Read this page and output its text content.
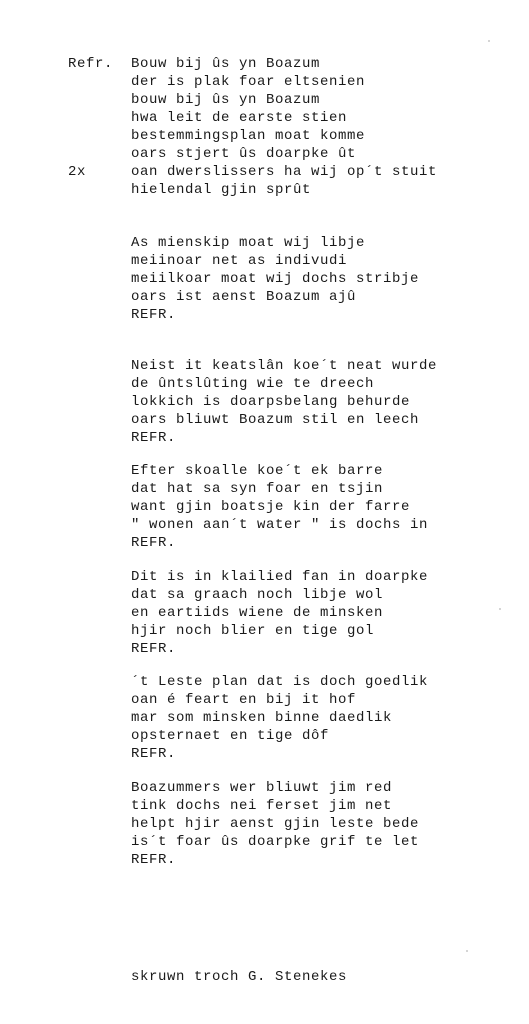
Refr.
2x
Bouw bij ûs yn Boazum
der is plak foar eltsenien
bouw bij ûs yn Boazum
hwa leit de earste stien
bestemmingsplan moat komme
oars stjert ûs doarpke ût
oan dwerslissers ha wij op´t stuit
hielendal gjin sprût
As mienskip moat wij libje
meiinoar net as indivudi
meiilkoar moat wij dochs stribje
oars ist aenst Boazum ajû
REFR.
Neist it keatslân koe´t neat wurde
de ûntslûting wie te dreech
lokkich is doarpsbelang behurde
oars bliuwt Boazum stil en leech
REFR.
Efter skoalle koe´t ek barre
dat hat sa syn foar en tsjin
want gjin boatsje kin der farre
" wonen aan´t water " is dochs in
REFR.
Dit is in klailied fan in doarpke
dat sa graach noch libje wol
en eartiids wiene de minsken
hjir noch blier en tige gol
REFR.
´t Leste plan dat is doch goedlik
oan é feart en bij it hof
mar som minsken binne daedlik
opsternaet en tige dôf
REFR.
Boazummers wer bliuwt jim red
tink dochs nei ferset jim net
helpt hjir aenst gjin leste bede
is´t foar ûs doarpke grif te let
REFR.
skruwn troch G. Stenekes
